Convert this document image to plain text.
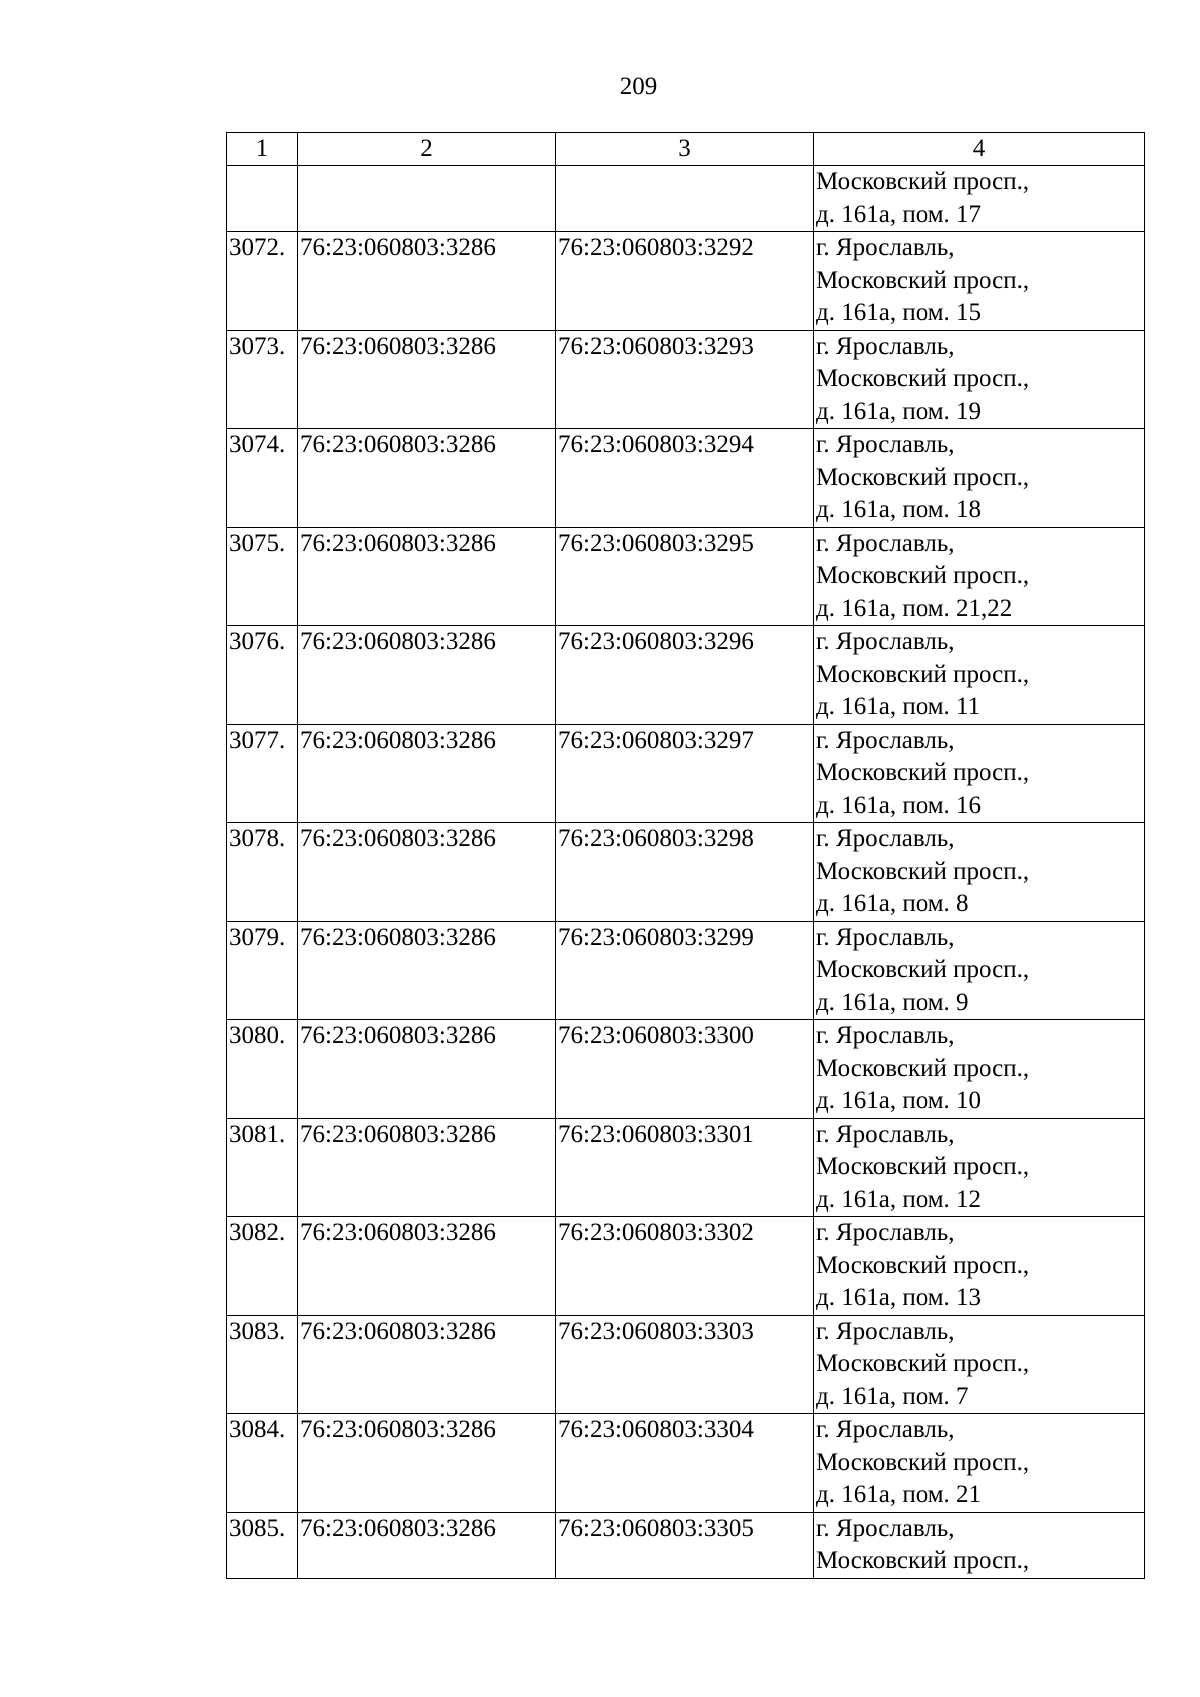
209
1	2	3	4

			Московский просп.,
д. 161а, пом. 17

3072.	76:23:060803:3286	76:23:060803:3292	г. Ярославль,
Московский просп.,
д. 161а, пом. 15

3073.	76:23:060803:3286	76:23:060803:3293	г. Ярославль,
Московский просп.,
д. 161а, пом. 19

3074.	76:23:060803:3286	76:23:060803:3294	г. Ярославль,
Московский просп.,
д. 161а, пом. 18

3075.	76:23:060803:3286	76:23:060803:3295	г. Ярославль,
Московский просп.,
д. 161а, пом. 21,22

3076.	76:23:060803:3286	76:23:060803:3296	г. Ярославль,
Московский просп.,
д. 161а, пом. 11

3077.	76:23:060803:3286	76:23:060803:3297	г. Ярославль,
Московский просп.,
д. 161а, пом. 16

3078.	76:23:060803:3286	76:23:060803:3298	г. Ярославль,
Московский просп.,
д. 161а, пом. 8

3079.	76:23:060803:3286	76:23:060803:3299	г. Ярославль,
Московский просп.,
д. 161а, пом. 9

3080.	76:23:060803:3286	76:23:060803:3300	г. Ярославль,
Московский просп.,
д. 161а, пом. 10

3081.	76:23:060803:3286	76:23:060803:3301	г. Ярославль,
Московский просп.,
д. 161а, пом. 12

3082.	76:23:060803:3286	76:23:060803:3302	г. Ярославль,
Московский просп.,
д. 161а, пом. 13

3083.	76:23:060803:3286	76:23:060803:3303	г. Ярославль,
Московский просп.,
д. 161а, пом. 7

3084.	76:23:060803:3286	76:23:060803:3304	г. Ярославль,
Московский просп.,
д. 161а, пом. 21

3085.	76:23:060803:3286	76:23:060803:3305	г. Ярославль,
Московский просп.,
